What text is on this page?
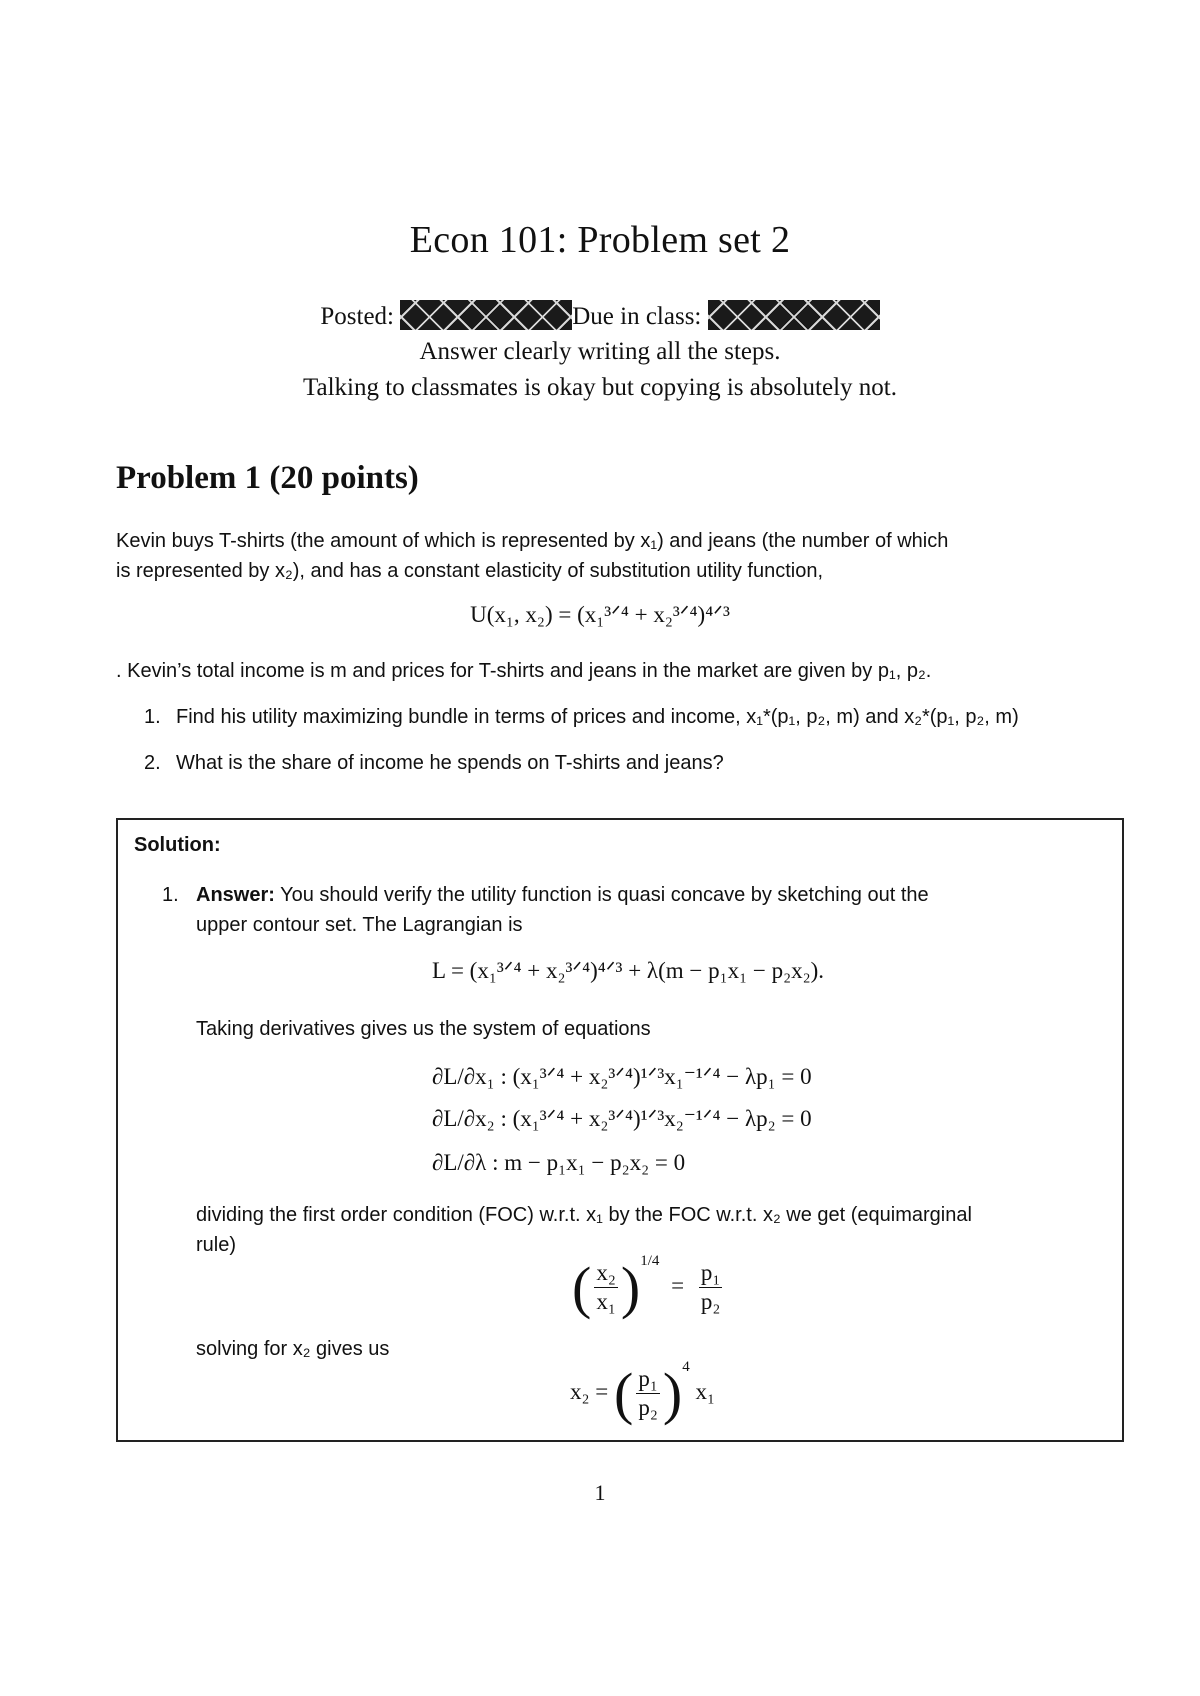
Econ 101: Problem set 2
Posted:	Due in class:
Answer clearly writing all the steps.
Talking to classmates is okay but copying is absolutely not.
Problem 1 (20 points)
Kevin buys T-shirts (the amount of which is represented by x₁) and jeans (the number of which
is represented by x₂), and has a constant elasticity of substitution utility function,
U(x₁, x₂) = (x₁³ᐟ⁴ + x₂³ᐟ⁴)⁴ᐟ³
. Kevin’s total income is m and prices for T-shirts and jeans in the market are given by p₁, p₂.
1. Find his utility maximizing bundle in terms of prices and income, x₁*(p₁, p₂, m) and x₂*(p₁, p₂, m)
2. What is the share of income he spends on T-shirts and jeans?
Solution:
1. Answer: You should verify the utility function is quasi concave by sketching out the
upper contour set. The Lagrangian is
L = (x₁³ᐟ⁴ + x₂³ᐟ⁴)⁴ᐟ³ + λ(m − p₁x₁ − p₂x₂).
Taking derivatives gives us the system of equations
∂L/∂x₁ : (x₁³ᐟ⁴ + x₂³ᐟ⁴)¹ᐟ³x₁⁻¹ᐟ⁴ − λp₁ = 0
∂L/∂x₂ : (x₁³ᐟ⁴ + x₂³ᐟ⁴)¹ᐟ³x₂⁻¹ᐟ⁴ − λp₂ = 0
∂L/∂λ : m − p₁x₁ − p₂x₂ = 0
dividing the first order condition (FOC) w.r.t. x₁ by the FOC w.r.t. x₂ we get (equimarginal
rule)
( $\frac{\text{x₂}}{\text{x₁}} )^{1/4} = \frac{\text{p₁}}{\text{p₂}}$
solving for x₂ gives us
x₂ = ( $\frac{\text{p₁}}{\text{p₂}} )^4$ x₁
1
